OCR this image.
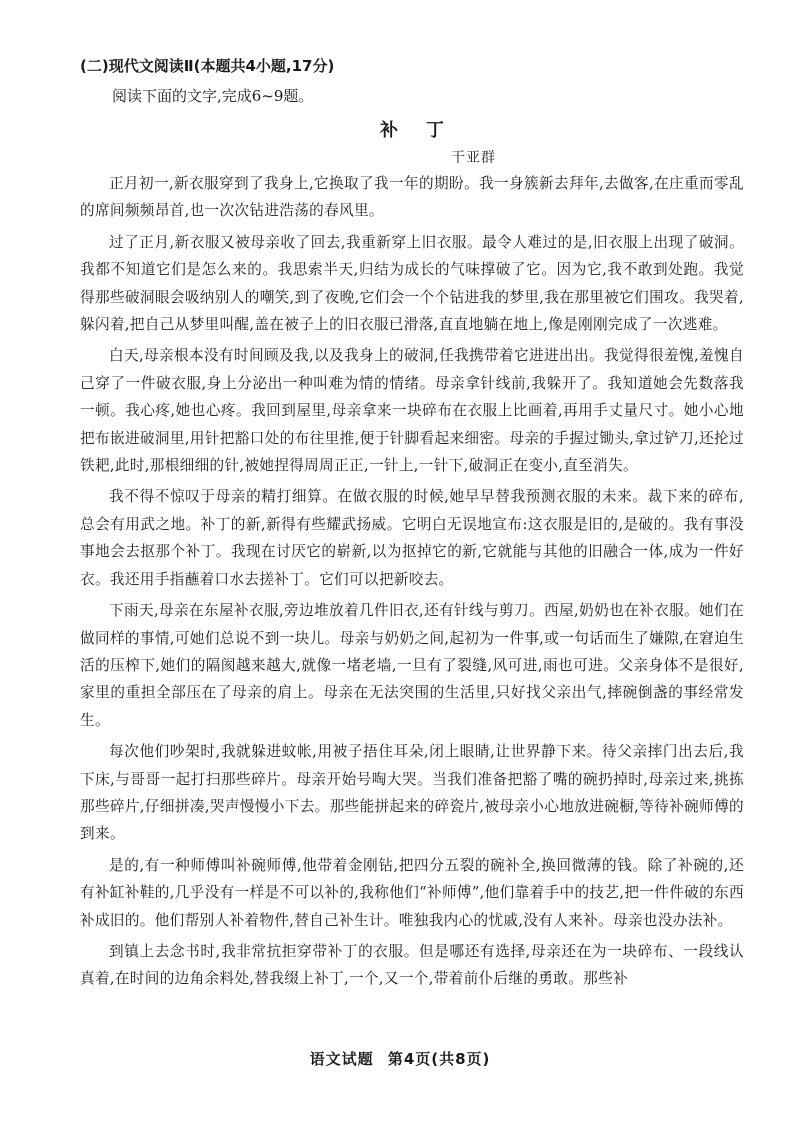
(二)现代文阅读Ⅱ(本题共4小题,17分)
阅读下面的文字,完成6~9题。
补丁
干亚群

正月初一,新衣服穿到了我身上,它换取了我一年的期盼。我一身簇新去拜年,去做客,在庄重而零乱的席间频频昂首,也一次次钻进浩荡的春风里。

过了正月,新衣服又被母亲收了回去,我重新穿上旧衣服。最令人难过的是,旧衣服上出现了破洞。我都不知道它们是怎么来的。我思索半天,归结为成长的气味撑破了它。因为它,我不敢到处跑。我觉得那些破洞眼会吸纳别人的嘲笑,到了夜晚,它们会一个个钻进我的梦里,我在那里被它们围攻。我哭着,躲闪着,把自己从梦里叫醒,盖在被子上的旧衣服已滑落,直直地躺在地上,像是刚刚完成了一次逃难。

白天,母亲根本没有时间顾及我,以及我身上的破洞,任我携带着它进进出出。我觉得很羞愧,羞愧自己穿了一件破衣服,身上分泌出一种叫难为情的情绪。母亲拿针线前,我躲开了。我知道她会先数落我一顿。我心疼,她也心疼。我回到屋里,母亲拿来一块碎布在衣服上比画着,再用手丈量尺寸。她小心地把布嵌进破洞里,用针把豁口处的布往里推,便于针脚看起来细密。母亲的手握过锄头,拿过铲刀,还抡过铁耙,此时,那根细细的针,被她捏得周周正正,一针上,一针下,破洞正在变小,直至消失。

我不得不惊叹于母亲的精打细算。在做衣服的时候,她早早替我预测衣服的未来。裁下来的碎布,总会有用武之地。补丁的新,新得有些耀武扬威。它明白无误地宣布:这衣服是旧的,是破的。我有事没事地会去抠那个补丁。我现在讨厌它的崭新,以为抠掉它的新,它就能与其他的旧融合一体,成为一件好衣。我还用手指蘸着口水去搓补丁。它们可以把新咬去。

下雨天,母亲在东屋补衣服,旁边堆放着几件旧衣,还有针线与剪刀。西屋,奶奶也在补衣服。她们在做同样的事情,可她们总说不到一块儿。母亲与奶奶之间,起初为一件事,或一句话而生了嫌隙,在窘迫生活的压榨下,她们的隔阂越来越大,就像一堵老墙,一旦有了裂缝,风可进,雨也可进。父亲身体不是很好,家里的重担全部压在了母亲的肩上。母亲在无法突围的生活里,只好找父亲出气,摔碗倒盏的事经常发生。

每次他们吵架时,我就躲进蚊帐,用被子捂住耳朵,闭上眼睛,让世界静下来。待父亲摔门出去后,我下床,与哥哥一起打扫那些碎片。母亲开始号啕大哭。当我们准备把豁了嘴的碗扔掉时,母亲过来,挑拣那些碎片,仔细拼凑,哭声慢慢小下去。那些能拼起来的碎瓷片,被母亲小心地放进碗橱,等待补碗师傅的到来。

是的,有一种师傅叫补碗师傅,他带着金刚钻,把四分五裂的碗补全,换回微薄的钱。除了补碗的,还有补缸补鞋的,几乎没有一样是不可以补的,我称他们“补师傅”,他们靠着手中的技艺,把一件件破的东西补成旧的。他们帮别人补着物件,替自己补生计。唯独我内心的忧戚,没有人来补。母亲也没办法补。

到镇上去念书时,我非常抗拒穿带补丁的衣服。但是哪还有选择,母亲还在为一块碎布、一段线认真着,在时间的边角余料处,替我缀上补丁,一个,又一个,带着前仆后继的勇敢。那些补

语文试题 第4页(共8页)
